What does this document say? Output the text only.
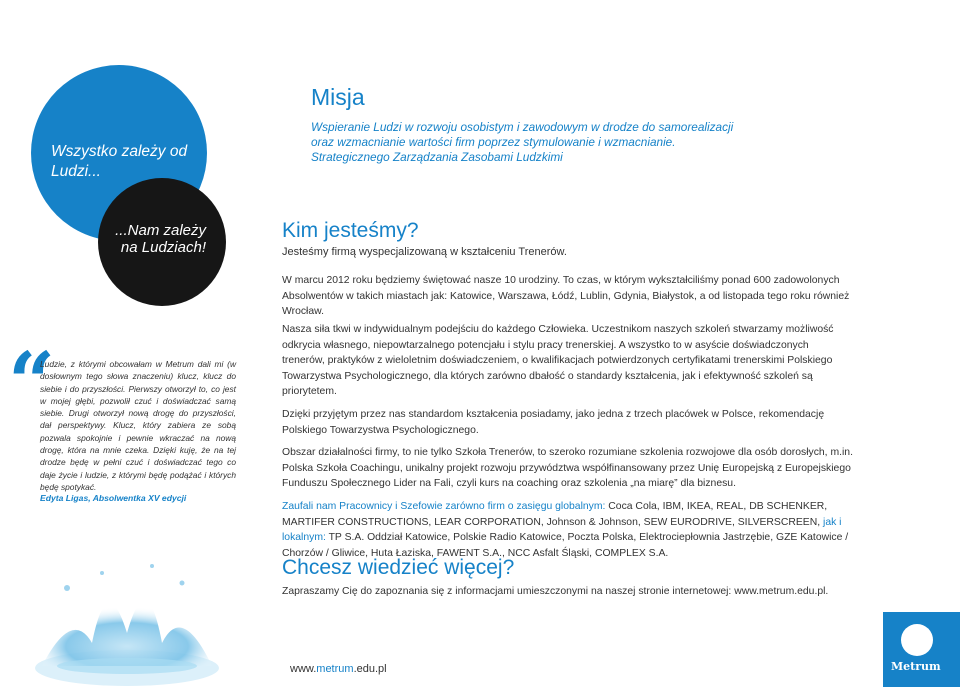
Wszystko zależy od Ludzi...
...Nam zależy na Ludziach!
“
Ludzie, z którymi obcowałam w Metrum dali mi (w dosłownym tego słowa znaczeniu) klucz, klucz do siebie i do przyszłości. Pierwszy otworzył to, co jest w mojej głębi, pozwolił czuć i doświadczać samą siebie. Drugi otworzył nową drogę do przyszłości, dał perspektywy. Klucz, który zabiera ze sobą pozwala spokojnie i pewnie wkraczać na nową drogę, która na mnie czeka. Dzięki kuję, że na tej drodze będę w pełni czuć i doświadczać tego co daje życie i ludzie, z którymi będę podążać i których będę spotykać.
Edyta Ligas, Absolwentka XV edycji
Misja
Wspieranie Ludzi w rozwoju osobistym i zawodowym w drodze do samorealizacji oraz wzmacnianie wartości firm poprzez stymulowanie i wzmacnianie. Strategicznego Zarządzania Zasobami Ludzkimi
Kim jesteśmy?
Jesteśmy firmą wyspecjalizowaną w kształceniu Trenerów.

W marcu 2012 roku będziemy świętować nasze 10 urodziny. To czas, w którym wykształciliśmy ponad 600 zadowolonych Absolwentów w takich miastach jak: Katowice, Warszawa, Łódź, Lublin, Gdynia, Białystok, a od listopada tego roku również Wrocław.

Nasza siła tkwi w indywidualnym podejściu do każdego Człowieka. Uczestnikom naszych szkoleń stwarzamy możliwość odkrycia własnego, niepowtarzalnego potencjału i stylu pracy trenerskiej. A wszystko to w asyście doświadczonych trenerów, praktyków z wieloletnim doświadczeniem, o kwalifikacjach potwierdzonych certyfikatami trenerskimi Polskiego Towarzystwa Psychologicznego, dla których zarówno dbałość o standardy kształcenia, jak i efektywność szkoleń są priorytetem.

Dzięki przyjętym przez nas standardom kształcenia posiadamy, jako jedna z trzech placówek w Polsce, rekomendację Polskiego Towarzystwa Psychologicznego.

Obszar działalności firmy, to nie tylko Szkoła Trenerów, to szeroko rozumiane szkolenia rozwojowe dla osób dorosłych, m.in. Polska Szkoła Coachingu, unikalny projekt rozwoju przywództwa współfinansowany przez Unię Europejską z Europejskiego Funduszu Społecznego Lider na Fali, czyli kurs na coaching oraz szkolenia „na miarę” dla biznesu.

Zaufali nam Pracownicy i Szefowie zarówno firm o zasięgu globalnym: Coca Cola, IBM, IKEA, REAL, DB SCHENKER, MARTIFER CONSTRUCTIONS, LEAR CORPORATION, Johnson & Johnson, SEW EURODRIVE, SILVERSCREEN, jak i lokalnym: TP S.A. Oddział Katowice, Polskie Radio Katowice, Poczta Polska, Elektrociepłownia Jastrzębie, GZE Katowice / Chorzów / Gliwice, Huta Łaziska, FAWENT S.A., NCC Asfalt Śląski, COMPLEX S.A.

Chcesz wiedzieć więcej?
Zapraszamy Cię do zapoznania się z informacjami umieszczonymi na naszej stronie internetowej: www.metrum.edu.pl.
www.metrum.edu.pl	Metrum
